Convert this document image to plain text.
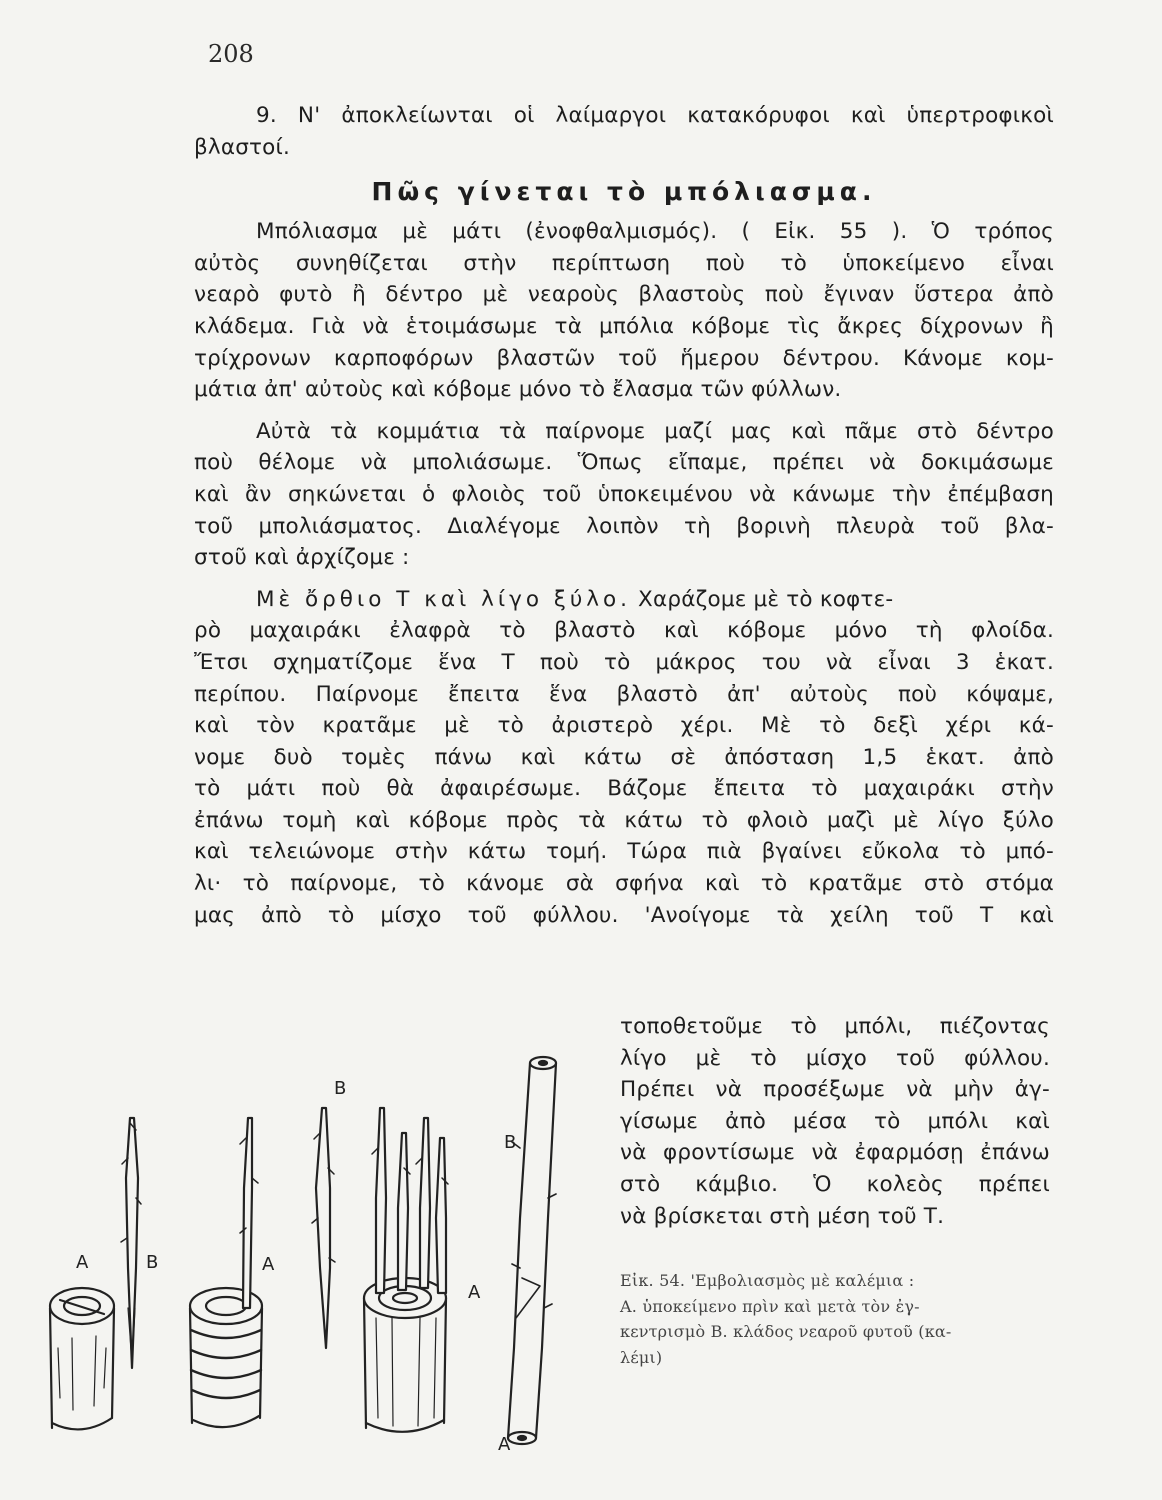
208
9. Ν' ἀποκλείωνται οἱ λαίμαργοι κατακόρυφοι καὶ ὑπερτροφικοὶ
βλαστοί.
Πῶς γίνεται τὸ μπόλιασμα.
Μπόλιασμα μὲ μάτι (ἐνοφθαλμισμός). ( Εἰκ. 55 ). Ὁ τρόπος
αὐτὸς συνηθίζεται στὴν περίπτωση ποὺ τὸ ὑποκείμενο εἶναι
νεαρὸ φυτὸ ἢ δέντρο μὲ νεαροὺς βλαστοὺς ποὺ ἔγιναν ὕστερα ἀπὸ
κλάδεμα. Γιὰ νὰ ἑτοιμάσωμε τὰ μπόλια κόβομε τὶς ἄκρες δίχρονων ἢ
τρίχρονων καρποφόρων βλαστῶν τοῦ ἥμερου δέντρου. Κάνομε κομ-
μάτια ἀπ' αὐτοὺς καὶ κόβομε μόνο τὸ ἔλασμα τῶν φύλλων.
Αὐτὰ τὰ κομμάτια τὰ παίρνομε μαζί μας καὶ πᾶμε στὸ δέντρο
ποὺ θέλομε νὰ μπολιάσωμε. Ὅπως εἴπαμε, πρέπει νὰ δοκιμάσωμε
καὶ ἂν σηκώνεται ὁ φλοιὸς τοῦ ὑποκειμένου νὰ κάνωμε τὴν ἐπέμβαση
τοῦ μπολιάσματος. Διαλέγομε λοιπὸν τὴ βορινὴ πλευρὰ τοῦ βλα-
στοῦ καὶ ἀρχίζομε :
Μὲ ὄρθιο Τ καὶ λίγο ξύλο. Χαράζομε μὲ τὸ κοφτε-
ρὸ μαχαιράκι ἐλαφρὰ τὸ βλαστὸ καὶ κόβομε μόνο τὴ φλοίδα.
Ἔτσι σχηματίζομε ἕνα Τ ποὺ τὸ μάκρος του νὰ εἶναι 3 ἑκατ.
περίπου. Παίρνομε ἔπειτα ἕνα βλαστὸ ἀπ' αὐτοὺς ποὺ κόψαμε,
καὶ τὸν κρατᾶμε μὲ τὸ ἀριστερὸ χέρι. Μὲ τὸ δεξὶ χέρι κά-
νομε δυὸ τομὲς πάνω καὶ κάτω σὲ ἀπόσταση 1,5 ἑκατ. ἀπὸ
τὸ μάτι ποὺ θὰ ἀφαιρέσωμε. Βάζομε ἔπειτα τὸ μαχαιράκι στὴν
ἐπάνω τομὴ καὶ κόβομε πρὸς τὰ κάτω τὸ φλοιὸ μαζὶ μὲ λίγο ξύλο
καὶ τελειώνομε στὴν κάτω τομή. Τώρα πιὰ βγαίνει εὔκολα τὸ μπό-
λι· τὸ παίρνομε, τὸ κάνομε σὰ σφήνα καὶ τὸ κρατᾶμε στὸ στόμα
μας ἀπὸ τὸ μίσχο τοῦ φύλλου. 'Ανοίγομε τὰ χείλη τοῦ Τ καὶ
A	B	A
B
A
B
A
τοποθετοῦμε τὸ μπόλι, πιέζοντας
λίγο μὲ τὸ μίσχο τοῦ φύλλου.
Πρέπει νὰ προσέξωμε νὰ μὴν ἀγ-
γίσωμε ἀπὸ μέσα τὸ μπόλι καὶ
νὰ φροντίσωμε νὰ ἐφαρμόσῃ ἐπάνω
στὸ κάμβιο. Ὁ κολεὸς πρέπει
νὰ βρίσκεται στὴ μέση τοῦ Τ.
Εἰκ. 54. 'Εμβολιασμὸς μὲ καλέμια :
Α. ὑποκείμενο πρὶν καὶ μετὰ τὸν ἐγ-
κεντρισμὸ Β. κλάδος νεαροῦ φυτοῦ (κα-
λέμι)
